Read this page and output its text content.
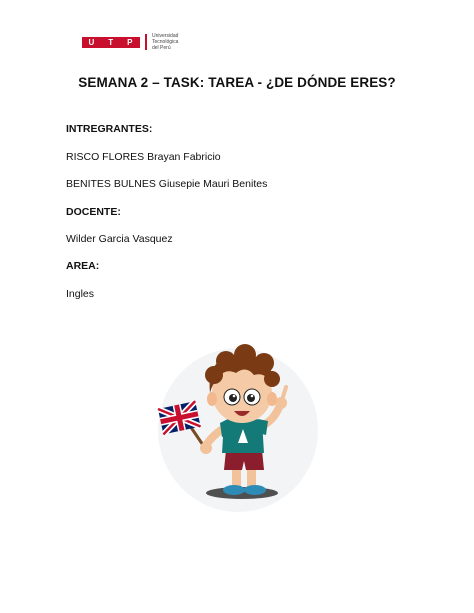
U T P
Universidad
Tecnológica
del Perú
SEMANA 2 – TASK: TAREA - ¿DE DÓNDE ERES?
INTREGRANTES:
RISCO FLORES Brayan Fabricio
BENITES BULNES Giusepie Mauri Benites
DOCENTE:
Wilder Garcia Vasquez
AREA:
Ingles
